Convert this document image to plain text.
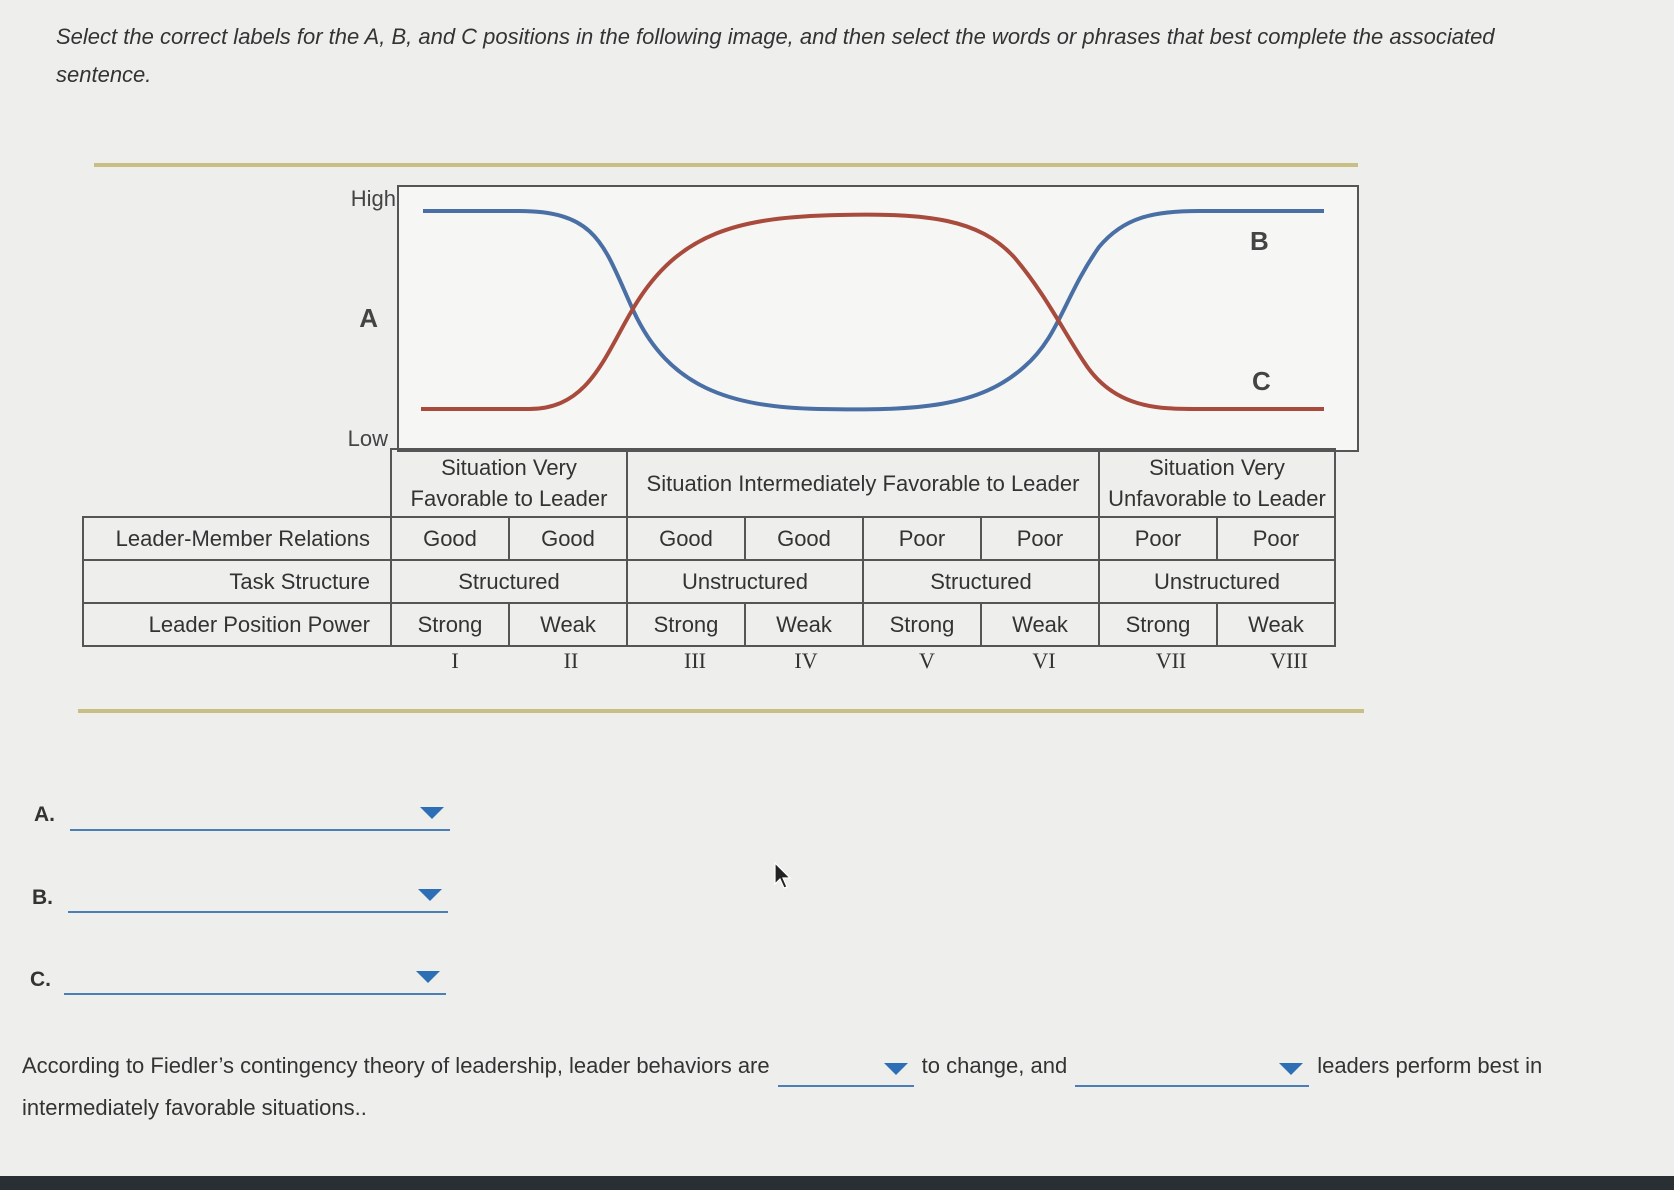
Select the correct labels for the A, B, and C positions in the following image, and then select the words or phrases that best complete the associated sentence.
High
A
Low
B
C
	Situation Very Favorable to Leader		Situation Intermediately Favorable to Leader				Situation Very Unfavorable to Leader	
Leader-Member Relations	Good	Good	Good	Good	Poor	Poor	Poor	Poor
Task Structure	Structured		Unstructured		Structured		Unstructured	
Leader Position Power	Strong	Weak	Strong	Weak	Strong	Weak	Strong	Weak
I	II	III	IV	V	VI	VII	VIII
A.
B.
C.
According to Fiedler’s contingency theory of leadership, leader behaviors are	to change, and	leaders perform best in intermediately favorable situations..
